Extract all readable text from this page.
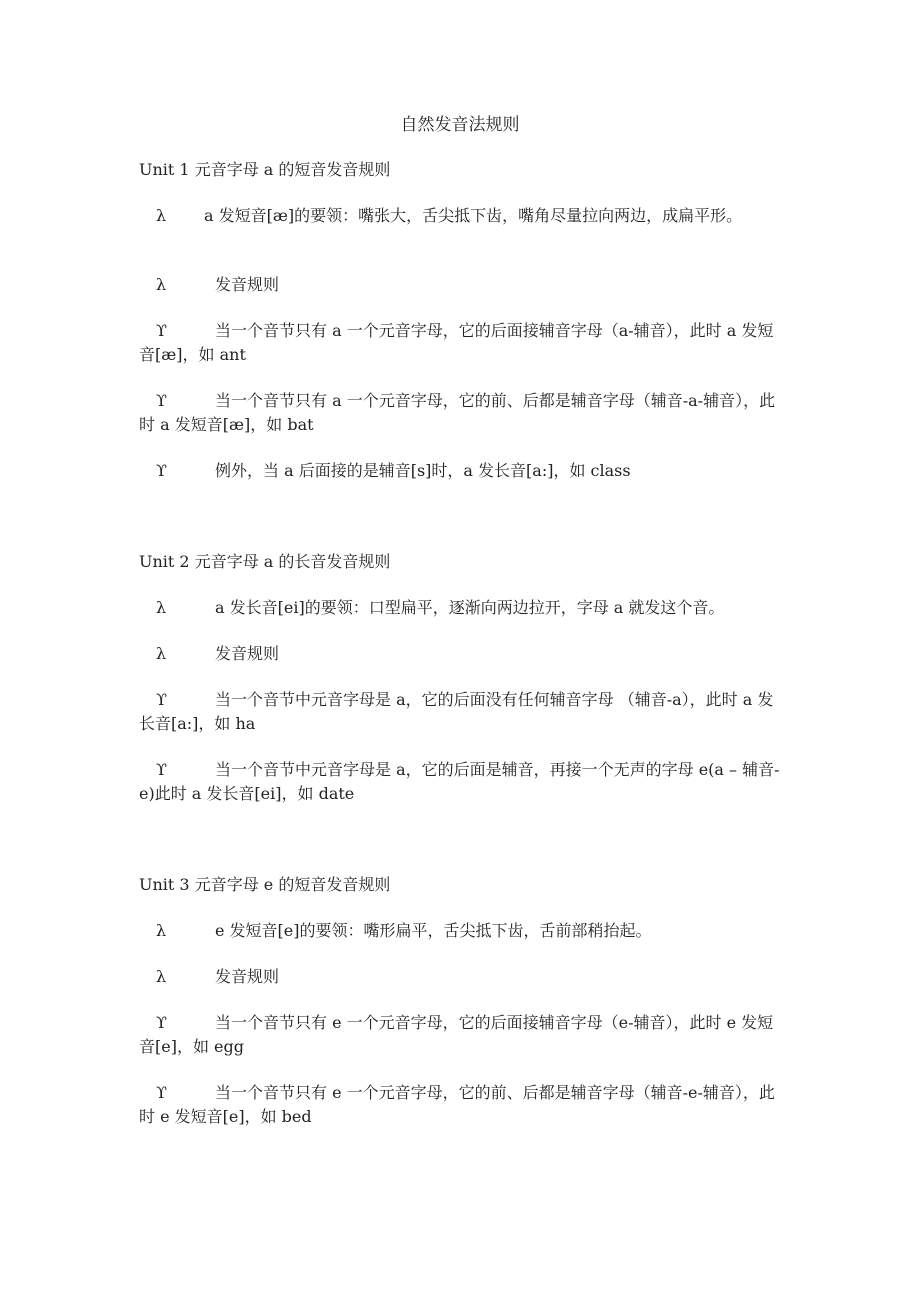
自然发音法规则
Unit 1 元音字母 a 的短音发音规则
λ a 发短音[æ]的要领：嘴张大，舌尖抵下齿，嘴角尽量拉向两边，成扁平形。
λ	发音规则
ϒ	当一个音节只有 a 一个元音字母，它的后面接辅音字母（a-辅音），此时 a 发短音[æ]，如 ant
ϒ	当一个音节只有 a 一个元音字母，它的前、后都是辅音字母（辅音-a-辅音），此时 a 发短音[æ]，如 bat
ϒ	例外，当 a 后面接的是辅音[s]时，a 发长音[a:]，如 class
Unit 2 元音字母 a 的长音发音规则
λ	a 发长音[ei]的要领：口型扁平，逐渐向两边拉开，字母 a 就发这个音。
λ	发音规则
ϒ	当一个音节中元音字母是 a，它的后面没有任何辅音字母 （辅音-a），此时 a 发长音[a:]，如 ha
ϒ	当一个音节中元音字母是 a，它的后面是辅音，再接一个无声的字母 e(a – 辅音-e)此时 a 发长音[ei]，如 date
Unit 3 元音字母 e 的短音发音规则
λ	e 发短音[e]的要领：嘴形扁平，舌尖抵下齿，舌前部稍抬起。
λ	发音规则
ϒ	当一个音节只有 e 一个元音字母，它的后面接辅音字母（e-辅音），此时 e 发短音[e]，如 egg
ϒ	当一个音节只有 e 一个元音字母，它的前、后都是辅音字母（辅音-e-辅音），此时 e 发短音[e]，如 bed
